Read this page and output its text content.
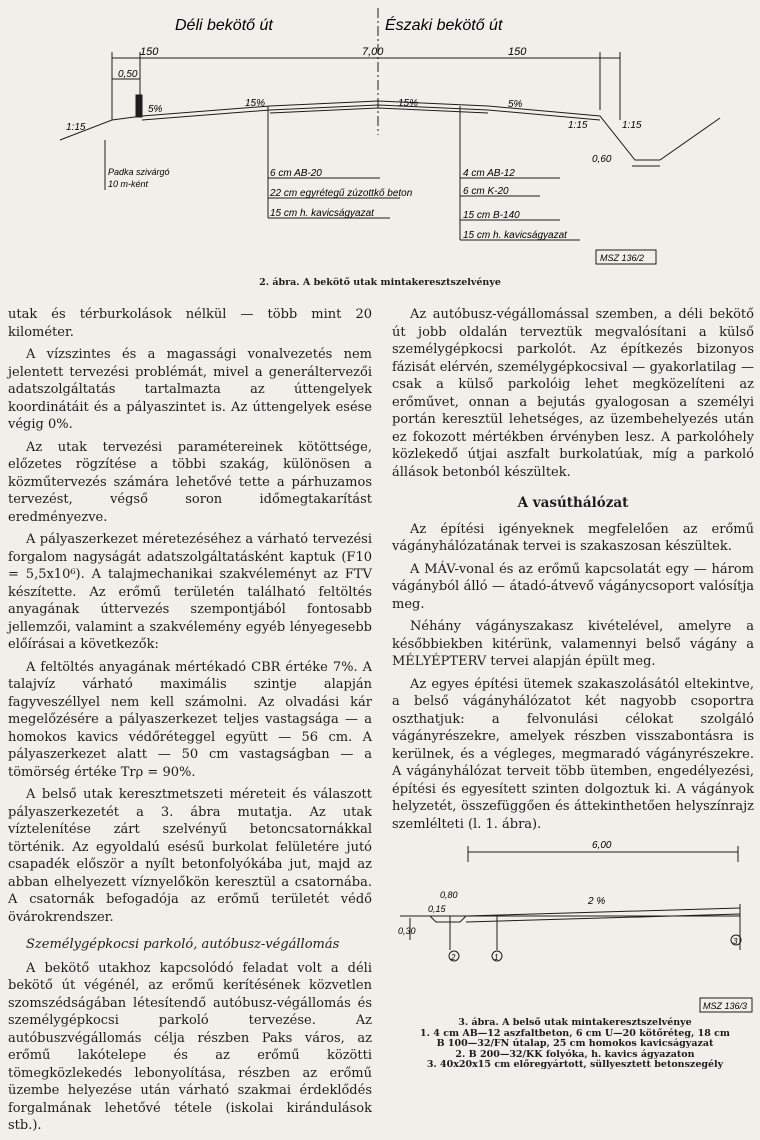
Déli bekötő út	Északi bekötő út
150	7,00	150
0,50
5%
15%	15%	5%
1:15	1:15	1:15
0,60
Padka szivárgó
10 m-ként
6 cm AB-20
22 cm egyrétegű zúzottkő beton
15 cm h. kavicságyazat
4 cm AB-12
6 cm K-20
15 cm B-140
15 cm h. kavicságyazat
MSZ 136/2
2. ábra. A bekötő utak mintakeresztszelvénye

utak és térburkolások nélkül — több mint 20 kilométer.

A vízszintes és a magassági vonalvezetés nem jelentett tervezési problémát, mivel a generáltervezői adatszolgáltatás tartalmazta az úttengelyek koordinátáit és a pályaszintet is. Az úttengelyek esése végig 0%.

Az utak tervezési paramétereinek kötöttsége, előzetes rögzítése a többi szakág, különösen a közműtervezés számára lehetővé tette a párhuzamos tervezést, végső soron időmegtakarítást eredményezve.

A pályaszerkezet méretezéséhez a várható tervezési forgalom nagyságát adatszolgáltatásként kaptuk (F10 = 5,5x10⁶). A talajmechanikai szakvéleményt az FTV készítette. Az erőmű területén található feltöltés anyagának úttervezés szempontjából fontosabb jellemzői, valamint a szakvélemény egyéb lényegesebb előírásai a következők:

A feltöltés anyagának mértékadó CBR értéke 7%. A talajvíz várható maximális szintje alapján fagyveszéllyel nem kell számolni. Az olvadási kár megelőzésére a pályaszerkezet teljes vastagsága — a homokos kavics védőréteggel együtt — 56 cm. A pályaszerkezet alatt — 50 cm vastagságban — a tömörség értéke Trρ = 90%.

A belső utak keresztmetszeti méreteit és válaszott pályaszerkezetét a 3. ábra mutatja. Az utak víztelenítése zárt szelvényű betoncsatornákkal történik. Az egyoldalú esésű burkolat felületére jutó csapadék először a nyílt betonfolyókába jut, majd az abban elhelyezett víznyelőkön keresztül a csatornába. A csatornák befogadója az erőmű területét védő övárokrendszer.

Személygépkocsi parkoló, autóbusz-végállomás

A bekötő utakhoz kapcsolódó feladat volt a déli bekötő út végénél, az erőmű kerítésének közvetlen szomszédságában létesítendő autóbusz-végállomás és személygépkocsi parkoló tervezése. Az autóbuszvégállomás célja részben Paks város, az erőmű lakótelepe és az erőmű közötti tömegközlekedés lebonyolítása, részben az erőmű üzembe helyezése után várható szakmai érdeklődés forgalmának lehetővé tétele (iskolai kirándulások stb.).

Az autóbusz-végállomással szemben, a déli bekötő út jobb oldalán terveztük megvalósítani a külső személygépkocsi parkolót. Az építkezés bizonyos fázisát elérvén, személygépkocsival — gyakorlatilag — csak a külső parkolóig lehet megközelíteni az erőművet, onnan a bejutás gyalogosan a személyi portán keresztül lehetséges, az üzembehelyezés után ez fokozott mértékben érvényben lesz. A parkolóhely közlekedő útjai aszfalt burkolatúak, míg a parkoló állások betonból készültek.

A vasúthálózat

Az építési igényeknek megfelelően az erőmű vágányhálózatának tervei is szakaszosan készültek.

A MÁV-vonal és az erőmű kapcsolatát egy — három vágányból álló — átadó-átvevő vágánycsoport valósítja meg.

Néhány vágányszakasz kivételével, amelyre a későbbiekben kitérünk, valamennyi belső vágány a MÉLYÉPTERV tervei alapján épült meg.

Az egyes építési ütemek szakaszolásától eltekintve, a belső vágányhálózatot két nagyobb csoportra oszthatjuk: a felvonulási célokat szolgáló vágányrészekre, amelyek részben visszabontásra is kerülnek, és a végleges, megmaradó vágányrészekre. A vágányhálózat terveit több ütemben, engedélyezési, építési és egyesített szinten dolgoztuk ki. A vágányok helyzetét, összefüggően és áttekinthetően helyszínrajz szemlélteti (l. 1. ábra).

6,00
0,80
0,15
0,30
2 %
1
2
3
MSZ 136/3
3. ábra. A belső utak mintakeresztszelvénye
1. 4 cm AB—12 aszfaltbeton, 6 cm U—20 kötőréteg, 18 cm
B 100—32/FN útalap, 25 cm homokos kavicságyazat
2. B 200—32/KK folyóka, h. kavics ágyazaton
3. 40x20x15 cm előregyártott, süllyesztett betonszegély
